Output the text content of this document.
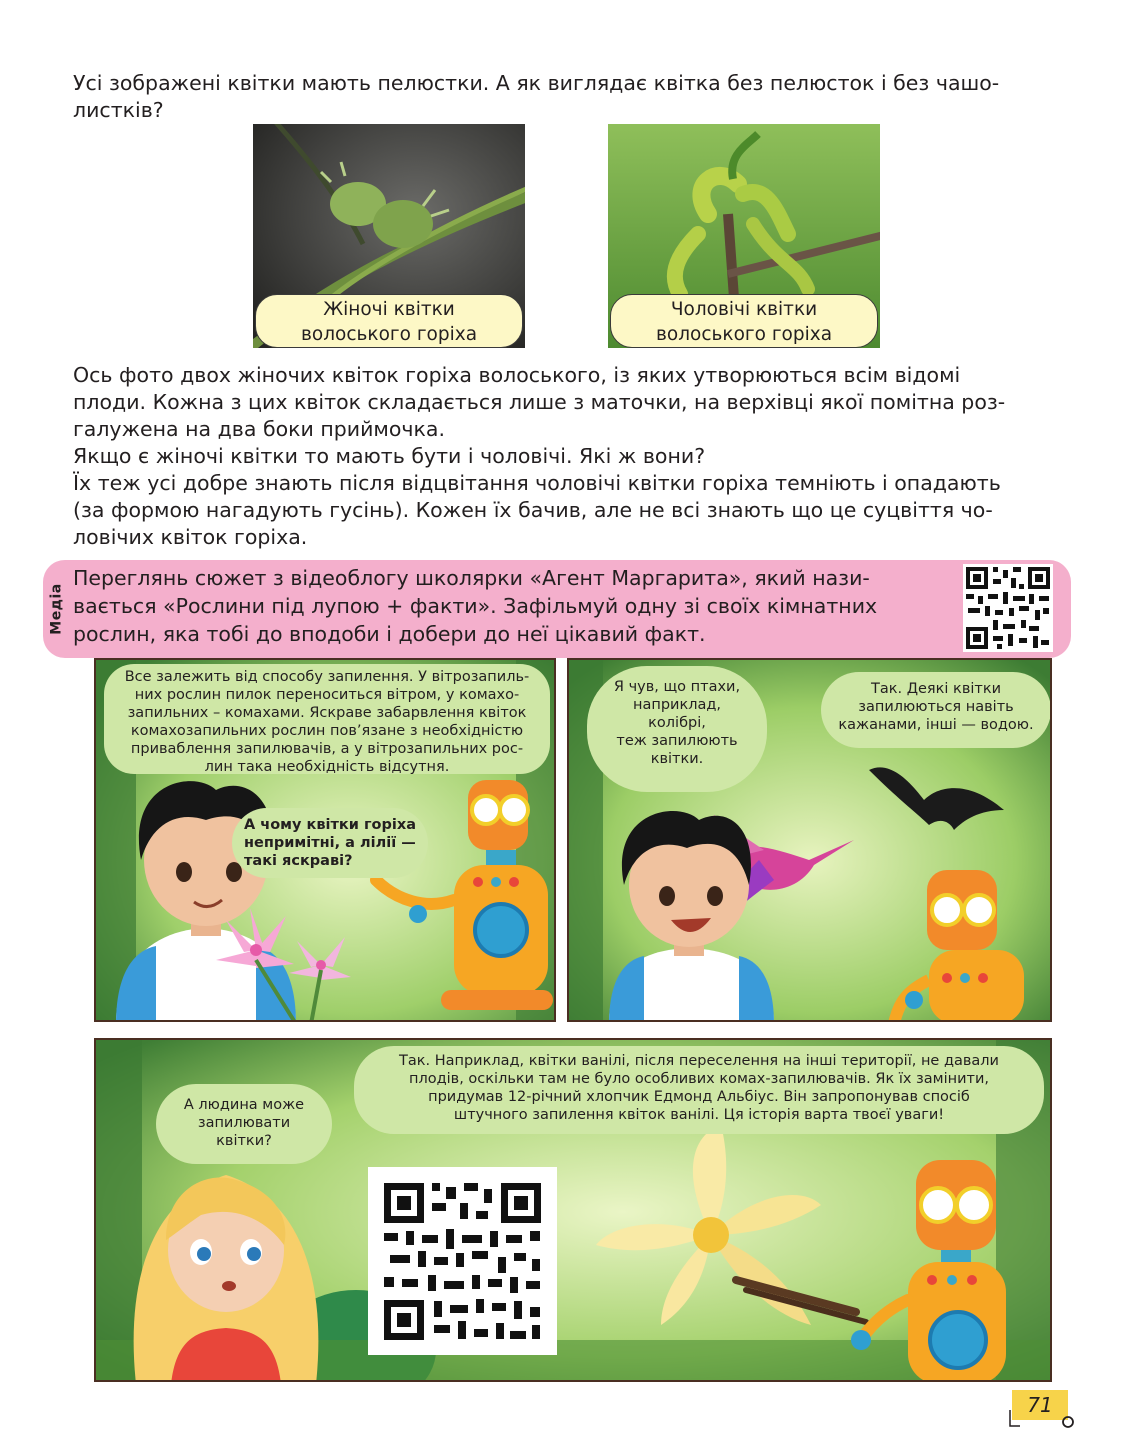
Усі зображені квітки мають пелюстки. А як виглядає квітка без пелюсток і без чашо-
листків?
Жіночі квітки
волоського горіха
Чоловічі квітки
волоського горіха
Ось фото двох жіночих квіток горіха волоського, із яких утворюються всім відомі
плоди. Кожна з цих квіток складається лише з маточки, на верхівці якої помітна роз-
галужена на два боки приймочка.
Якщо є жіночі квітки то мають бути і чоловічі. Які ж вони?
Їх теж усі добре знають після відцвітання чоловічі квітки горіха темніють і опадають
(за формою нагадують гусінь). Кожен їх бачив, але не всі знають що це суцвіття чо-
ловічих квіток горіха.
Медіа
Переглянь сюжет з відеоблогу школярки «Агент Маргарита», який нази-
вається «Рослини під лупою + факти». Зафільмуй одну зі своїх кімнатних
рослин, яка тобі до вподоби і добери до неї цікавий факт.
Все залежить від способу запилення. У вітрозапиль-
них рослин пилок переноситься вітром, у комахо-
запильних – комахами. Яскраве забарвлення квіток
комахозапильних рослин пов’язане з необхідністю
приваблення запилювачів, а у вітрозапильних рос-
лин така необхідність відсутня.
А чому квітки горіха
непримітні, а лілії —
такі яскраві?
Я чув, що птахи,
наприклад,
колібрі,
теж запилюють
квітки.
Так. Деякі квітки
запилюються навіть
кажанами, інші — водою.
А людина може
запилювати
квітки?
Так. Наприклад, квітки ванілі, після переселення на інші території, не давали
плодів, оскільки там не було особливих комах-запилювачів. Як їх замінити,
придумав 12-річний хлопчик Едмонд Альбіус. Він запропонував спосіб
штучного запилення квіток ванілі. Ця історія варта твоєї уваги!
71
